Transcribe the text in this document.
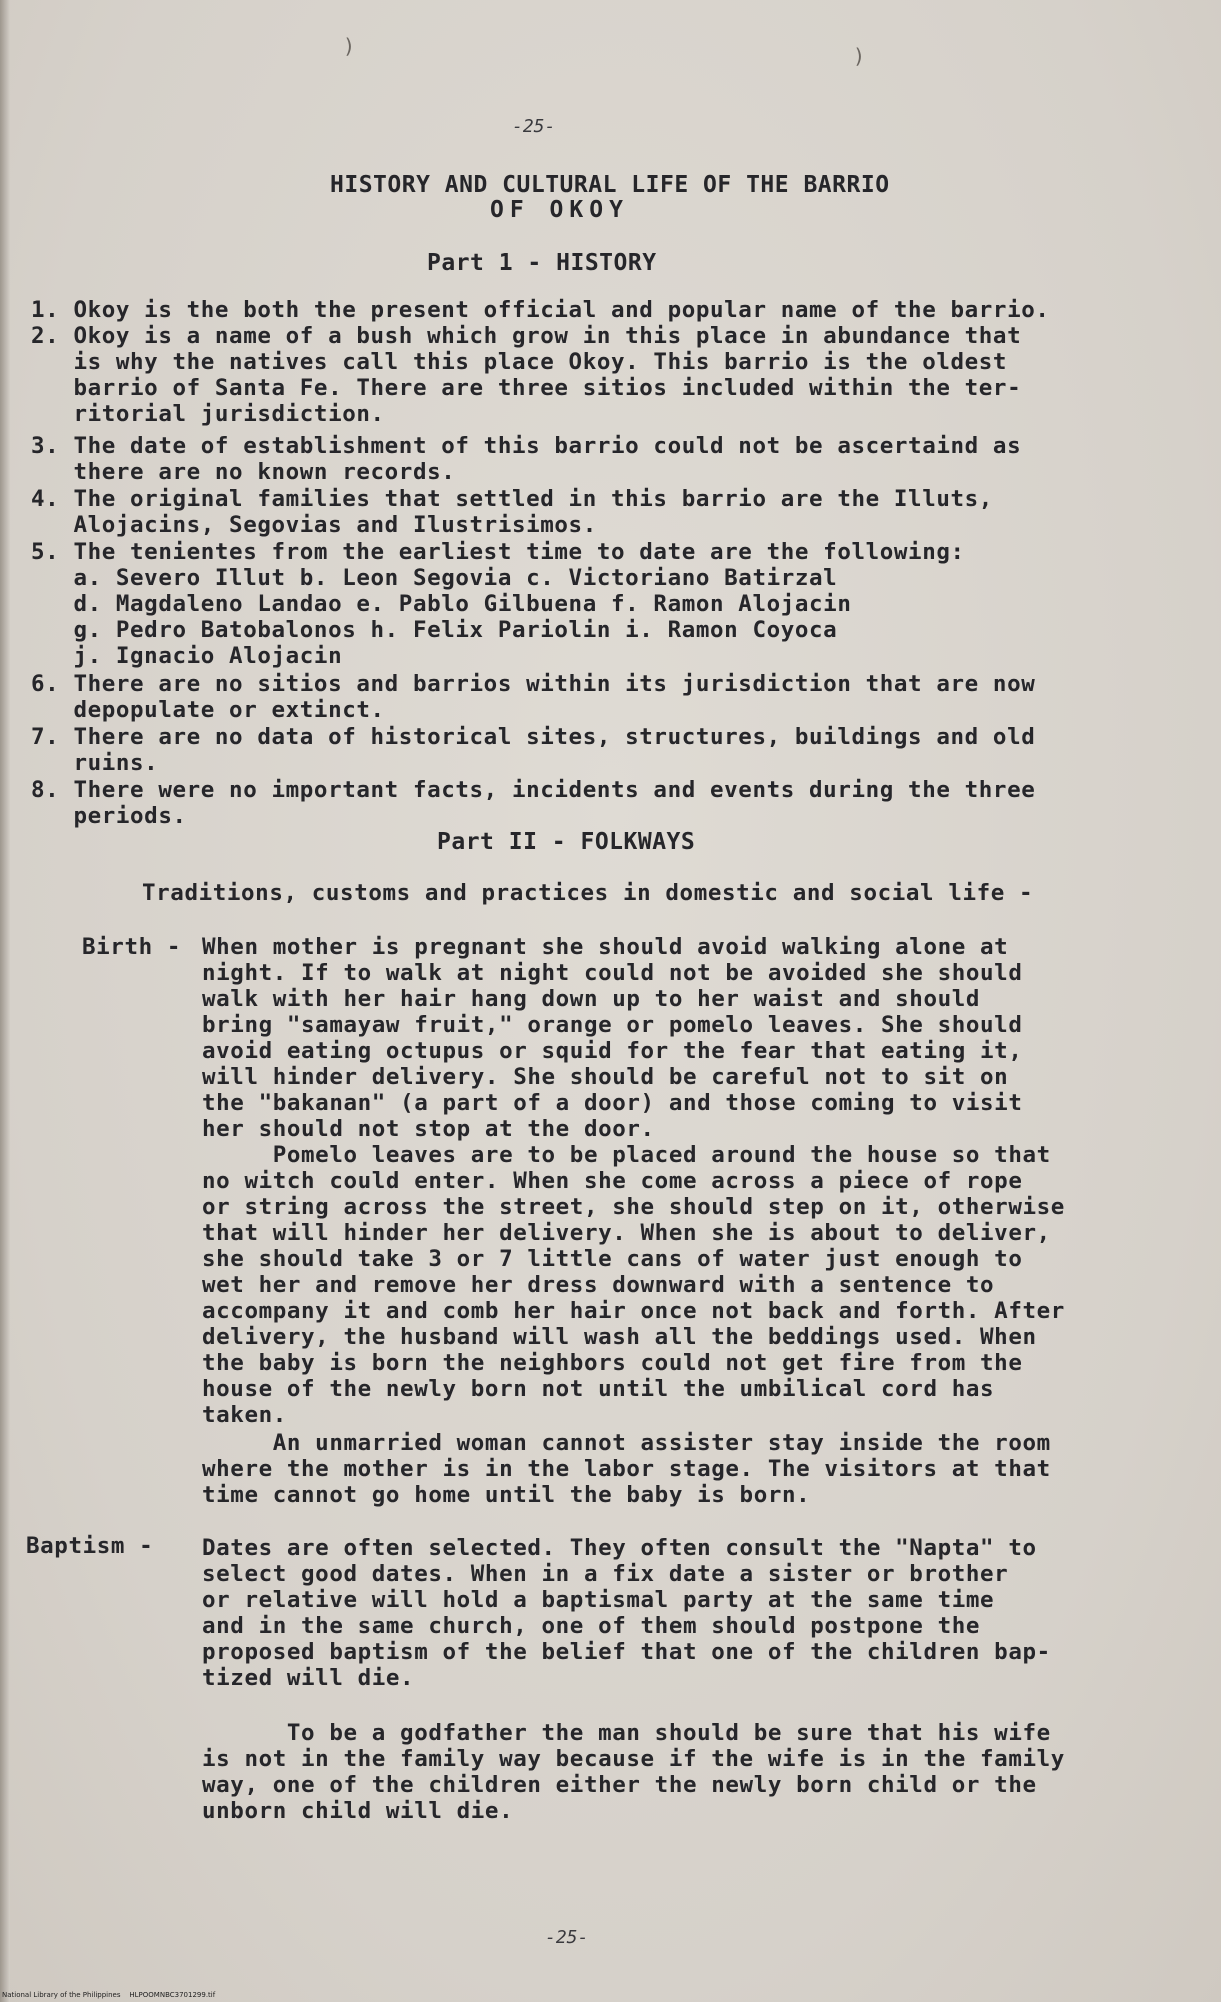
)	)
-25-
HISTORY AND CULTURAL LIFE OF THE BARRIO
OF OKOY
Part 1 - HISTORY
1. Okoy is the both the present official and popular name of the barrio.
2. Okoy is a name of a bush which grow in this place in abundance that
is why the natives call this place Okoy. This barrio is the oldest
barrio of Santa Fe. There are three sitios included within the ter-
ritorial jurisdiction.
3. The date of establishment of this barrio could not be ascertaind as
there are no known records.
4. The original families that settled in this barrio are the Illuts,
Alojacins, Segovias and Ilustrisimos.
5. The tenientes from the earliest time to date are the following:
a. Severo Illut b. Leon Segovia c. Victoriano Batirzal
d. Magdaleno Landao e. Pablo Gilbuena f. Ramon Alojacin
g. Pedro Batobalonos h. Felix Pariolin i. Ramon Coyoca
j. Ignacio Alojacin
6. There are no sitios and barrios within its jurisdiction that are now
depopulate or extinct.
7. There are no data of historical sites, structures, buildings and old
ruins.
8. There were no important facts, incidents and events during the three
periods.
Part II - FOLKWAYS
Traditions, customs and practices in domestic and social life -
Birth - When mother is pregnant she should avoid walking alone at
night. If to walk at night could not be avoided she should
walk with her hair hang down up to her waist and should
bring "samayaw fruit," orange or pomelo leaves. She should
avoid eating octupus or squid for the fear that eating it,
will hinder delivery. She should be careful not to sit on
the "bakanan" (a part of a door) and those coming to visit
her should not stop at the door.
Pomelo leaves are to be placed around the house so that
no witch could enter. When she come across a piece of rope
or string across the street, she should step on it, otherwise
that will hinder her delivery. When she is about to deliver,
she should take 3 or 7 little cans of water just enough to
wet her and remove her dress downward with a sentence to
accompany it and comb her hair once not back and forth. After
delivery, the husband will wash all the beddings used. When
the baby is born the neighbors could not get fire from the
house of the newly born not until the umbilical cord has
taken.
An unmarried woman cannot assister stay inside the room
where the mother is in the labor stage. The visitors at that
time cannot go home until the baby is born.
Baptism - Dates are often selected. They often consult the "Napta" to
select good dates. When in a fix date a sister or brother
or relative will hold a baptismal party at the same time
and in the same church, one of them should postpone the
proposed baptism of the belief that one of the children bap-
tized will die.
To be a godfather the man should be sure that his wife
is not in the family way because if the wife is in the family
way, one of the children either the newly born child or the
unborn child will die.
-25-
National Library of the Philippines    HLPOOMNBC3701299.tif
